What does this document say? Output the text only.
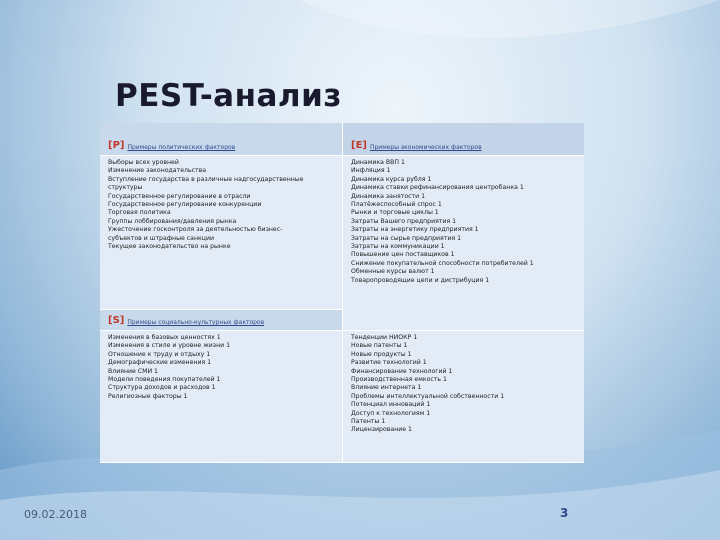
PEST-анализ
[P] Примеры политических факторов	[E] Примеры экономических факторов
Выборы всех уровней
Изменение законодательства
Вступление государства в различные надгосударственные
структуры
Государственное регулирование в отрасли
Государственное регулирование конкуренции
Торговая политика
Группы лоббирования/давления рынка
Ужесточение госконтроля за деятельностью бизнес-
субъектов и штрафные санкции
Текущее законодательство на рынке
Динамика ВВП 1
Инфляция 1
Динамика курса рубля 1
Динамика ставки рефинансирования центробанка 1
Динамика занятости 1
Платёжеспособный спрос 1
Рынки и торговые циклы 1
Затраты Вашего предприятия 1
Затраты на энергетику предприятия 1
Затраты на сырье предприятия 1
Затраты на коммуникации 1
Повышение цен поставщиков 1
Снижение покупательной способности потребителей 1
Обменные курсы валют 1
Товаропроводящие цепи и дистрибуция 1
[S] Примеры социально-культурных факторов
Изменения в базовых ценностях 1
Изменения в стиле и уровне жизни 1
Отношение к труду и отдыху 1
Демографические изменения 1
Влияние СМИ 1
Модели поведения покупателей 1
Структура доходов и расходов 1
Религиозные факторы 1
Тенденции НИОКР 1
Новые патенты 1
Новые продукты 1
Развитие технологий 1
Финансирование технологий 1
Производственная емкость 1
Влияние интернета 1
Проблемы интеллектуальной собственности 1
Потенциал инноваций 1
Доступ к технологиям 1
Патенты 1
Лицензирование 1
09.02.2018	3
